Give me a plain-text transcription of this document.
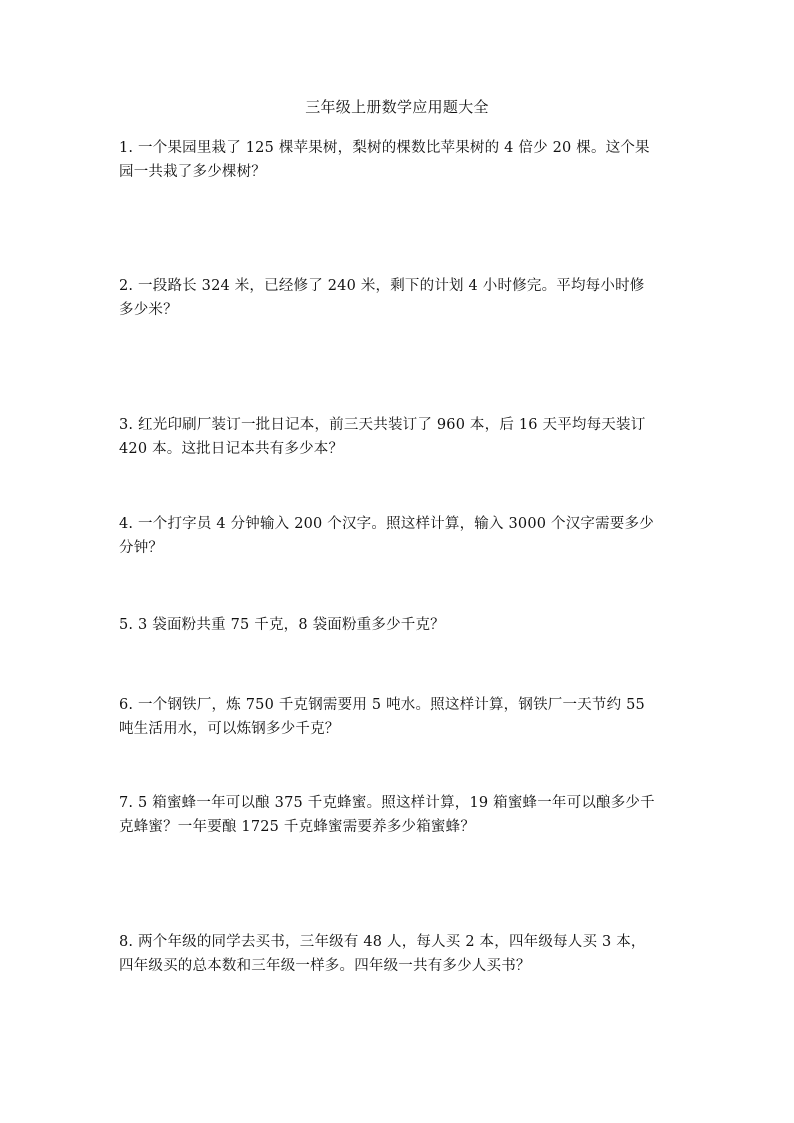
三年级上册数学应用题大全
1. 一个果园里栽了 125 棵苹果树，梨树的棵数比苹果树的 4 倍少 20 棵。这个果
园一共栽了多少棵树？
2. 一段路长 324 米，已经修了 240 米，剩下的计划 4 小时修完。平均每小时修
多少米？
3. 红光印刷厂装订一批日记本，前三天共装订了 960 本，后 16 天平均每天装订
420 本。这批日记本共有多少本？
4. 一个打字员 4 分钟输入 200 个汉字。照这样计算，输入 3000 个汉字需要多少
分钟？
5. 3 袋面粉共重 75 千克，8 袋面粉重多少千克？
6. 一个钢铁厂，炼 750 千克钢需要用 5 吨水。照这样计算，钢铁厂一天节约 55
吨生活用水，可以炼钢多少千克？
7. 5 箱蜜蜂一年可以酿 375 千克蜂蜜。照这样计算，19 箱蜜蜂一年可以酿多少千
克蜂蜜？一年要酿 1725 千克蜂蜜需要养多少箱蜜蜂？
8. 两个年级的同学去买书，三年级有 48 人，每人买 2 本，四年级每人买 3 本，
四年级买的总本数和三年级一样多。四年级一共有多少人买书？
